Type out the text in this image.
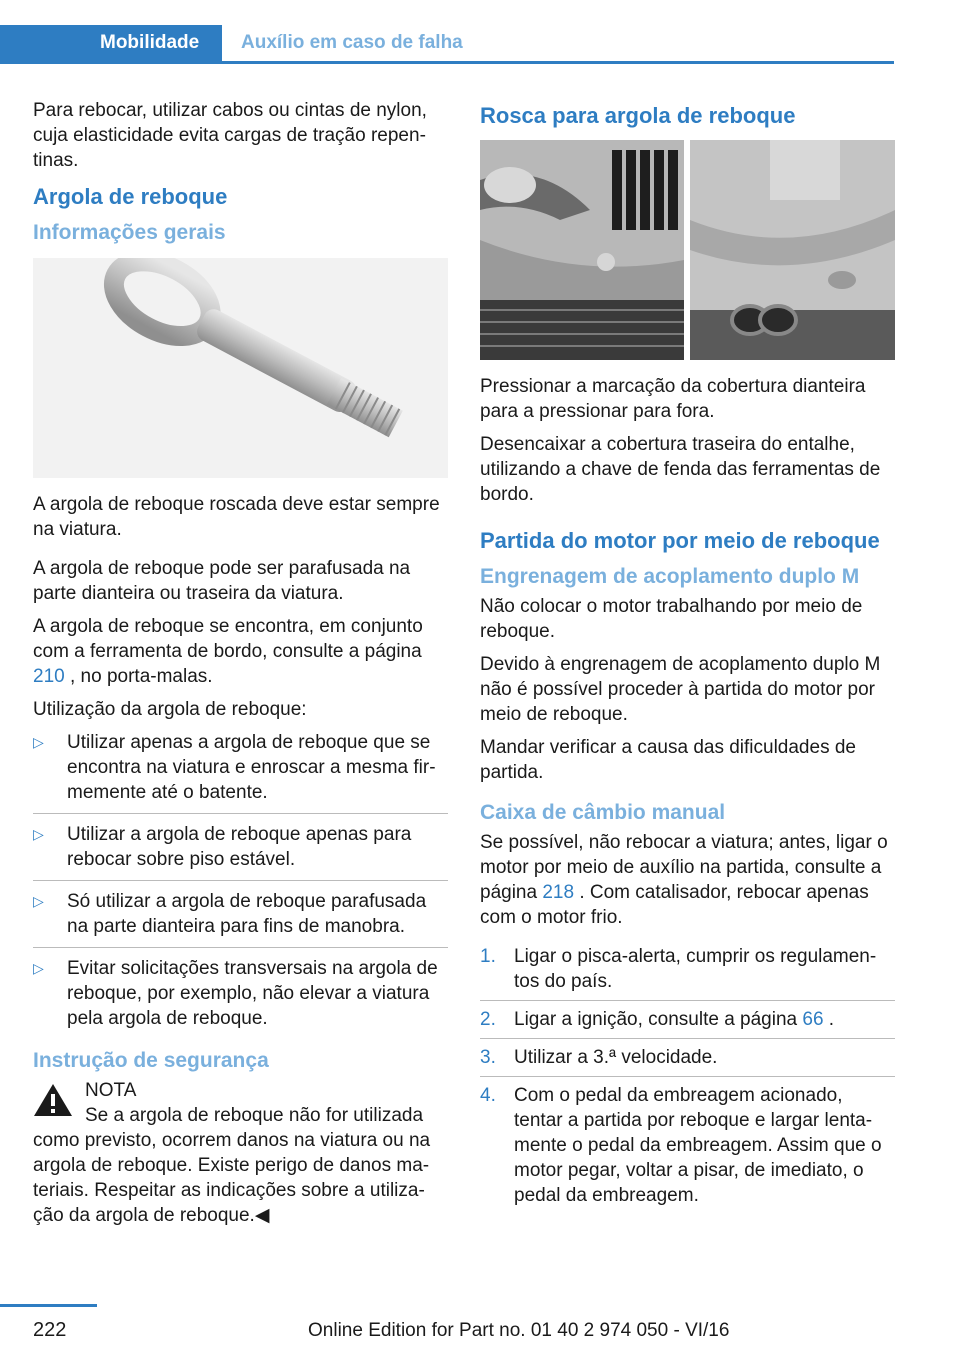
Mobilidade Auxílio em caso de falha

Para rebocar, utilizar cabos ou cintas de nylon, cuja elasticidade evita cargas de tração repentinas.

Argola de reboque
Informações gerais

A argola de reboque roscada deve estar sempre na viatura.

A argola de reboque pode ser parafusada na parte dianteira ou traseira da viatura.

A argola de reboque se encontra, em conjunto com a ferramenta de bordo, consulte a página 210 , no porta-malas.

Utilização da argola de reboque:

▷ Utilizar apenas a argola de reboque que se encontra na viatura e enroscar a mesma firmemente até o batente.
▷ Utilizar a argola de reboque apenas para rebocar sobre piso estável.
▷ Só utilizar a argola de reboque parafusada na parte dianteira para fins de manobra.
▷ Evitar solicitações transversais na argola de reboque, por exemplo, não elevar a viatura pela argola de reboque.
Instrução de segurança
NOTA
Se a argola de reboque não for utilizada como previsto, ocorrem danos na viatura ou na argola de reboque. Existe perigo de danos materiais. Respeitar as indicações sobre a utilização da argola de reboque.◀
Rosca para argola de reboque

Pressionar a marcação da cobertura dianteira para a pressionar para fora.

Desencaixar a cobertura traseira do entalhe, utilizando a chave de fenda das ferramentas de bordo.

Partida do motor por meio de reboque
Engrenagem de acoplamento duplo M

Não colocar o motor trabalhando por meio de reboque.

Devido à engrenagem de acoplamento duplo M não é possível proceder à partida do motor por meio de reboque.

Mandar verificar a causa das dificuldades de partida.

Caixa de câmbio manual

Se possível, não rebocar a viatura; antes, ligar o motor por meio de auxílio na partida, consulte a página 218 . Com catalisador, rebocar apenas com o motor frio.

1. Ligar o pisca-alerta, cumprir os regulamentos do país.
2. Ligar a ignição, consulte a página 66 .
3. Utilizar a 3.ª velocidade.
4. Com o pedal da embreagem acionado, tentar a partida por reboque e largar lentamente o pedal da embreagem. Assim que o motor pegar, voltar a pisar, de imediato, o pedal da embreagem.
222	Online Edition for Part no. 01 40 2 974 050 - VI/16
